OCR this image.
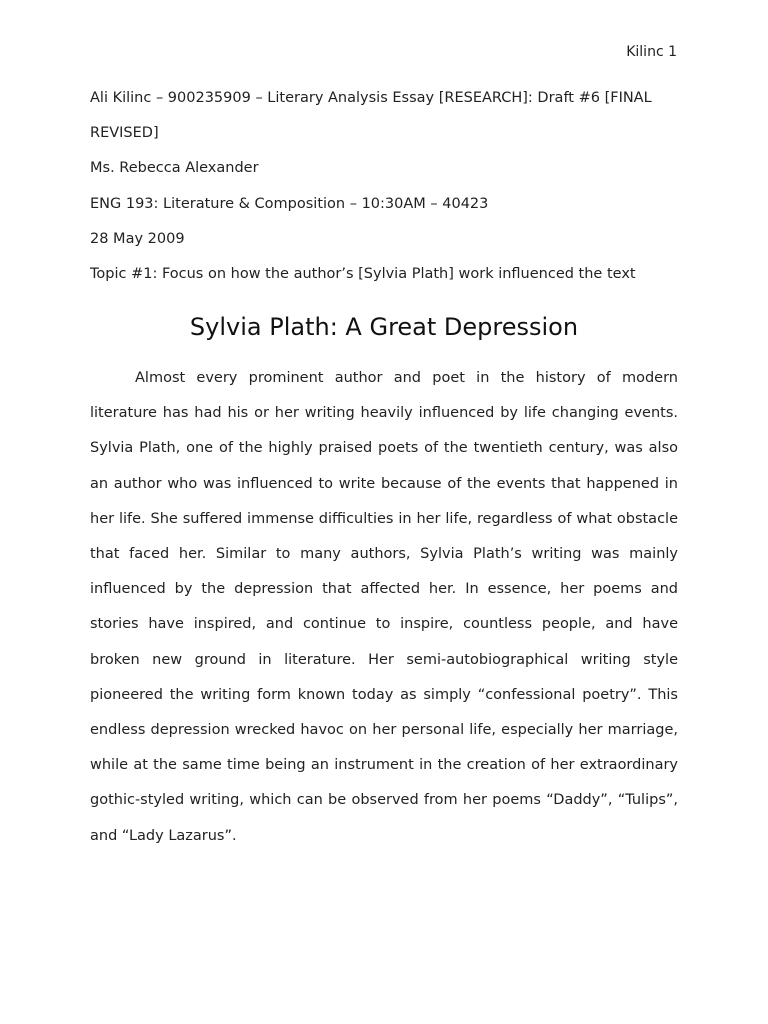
Kilinc 1
Ali Kilinc – 900235909 – Literary Analysis Essay [RESEARCH]: Draft #6 [FINAL REVISED]
Ms. Rebecca Alexander
ENG 193: Literature & Composition – 10:30AM – 40423
28 May 2009
Topic #1: Focus on how the author’s [Sylvia Plath] work influenced the text
Sylvia Plath: A Great Depression

Almost every prominent author and poet in the history of modern literature has had his or her writing heavily influenced by life changing events. Sylvia Plath, one of the highly praised poets of the twentieth century, was also an author who was influenced to write because of the events that happened in her life. She suffered immense difficulties in her life, regardless of what obstacle that faced her. Similar to many authors, Sylvia Plath’s writing was mainly influenced by the depression that affected her. In essence, her poems and stories have inspired, and continue to inspire, countless people, and have broken new ground in literature. Her semi-autobiographical writing style pioneered the writing form known today as simply “confessional poetry”. This endless depression wrecked havoc on her personal life, especially her marriage, while at the same time being an instrument in the creation of her extraordinary gothic-styled writing, which can be observed from her poems “Daddy”, “Tulips”, and “Lady Lazarus”.
